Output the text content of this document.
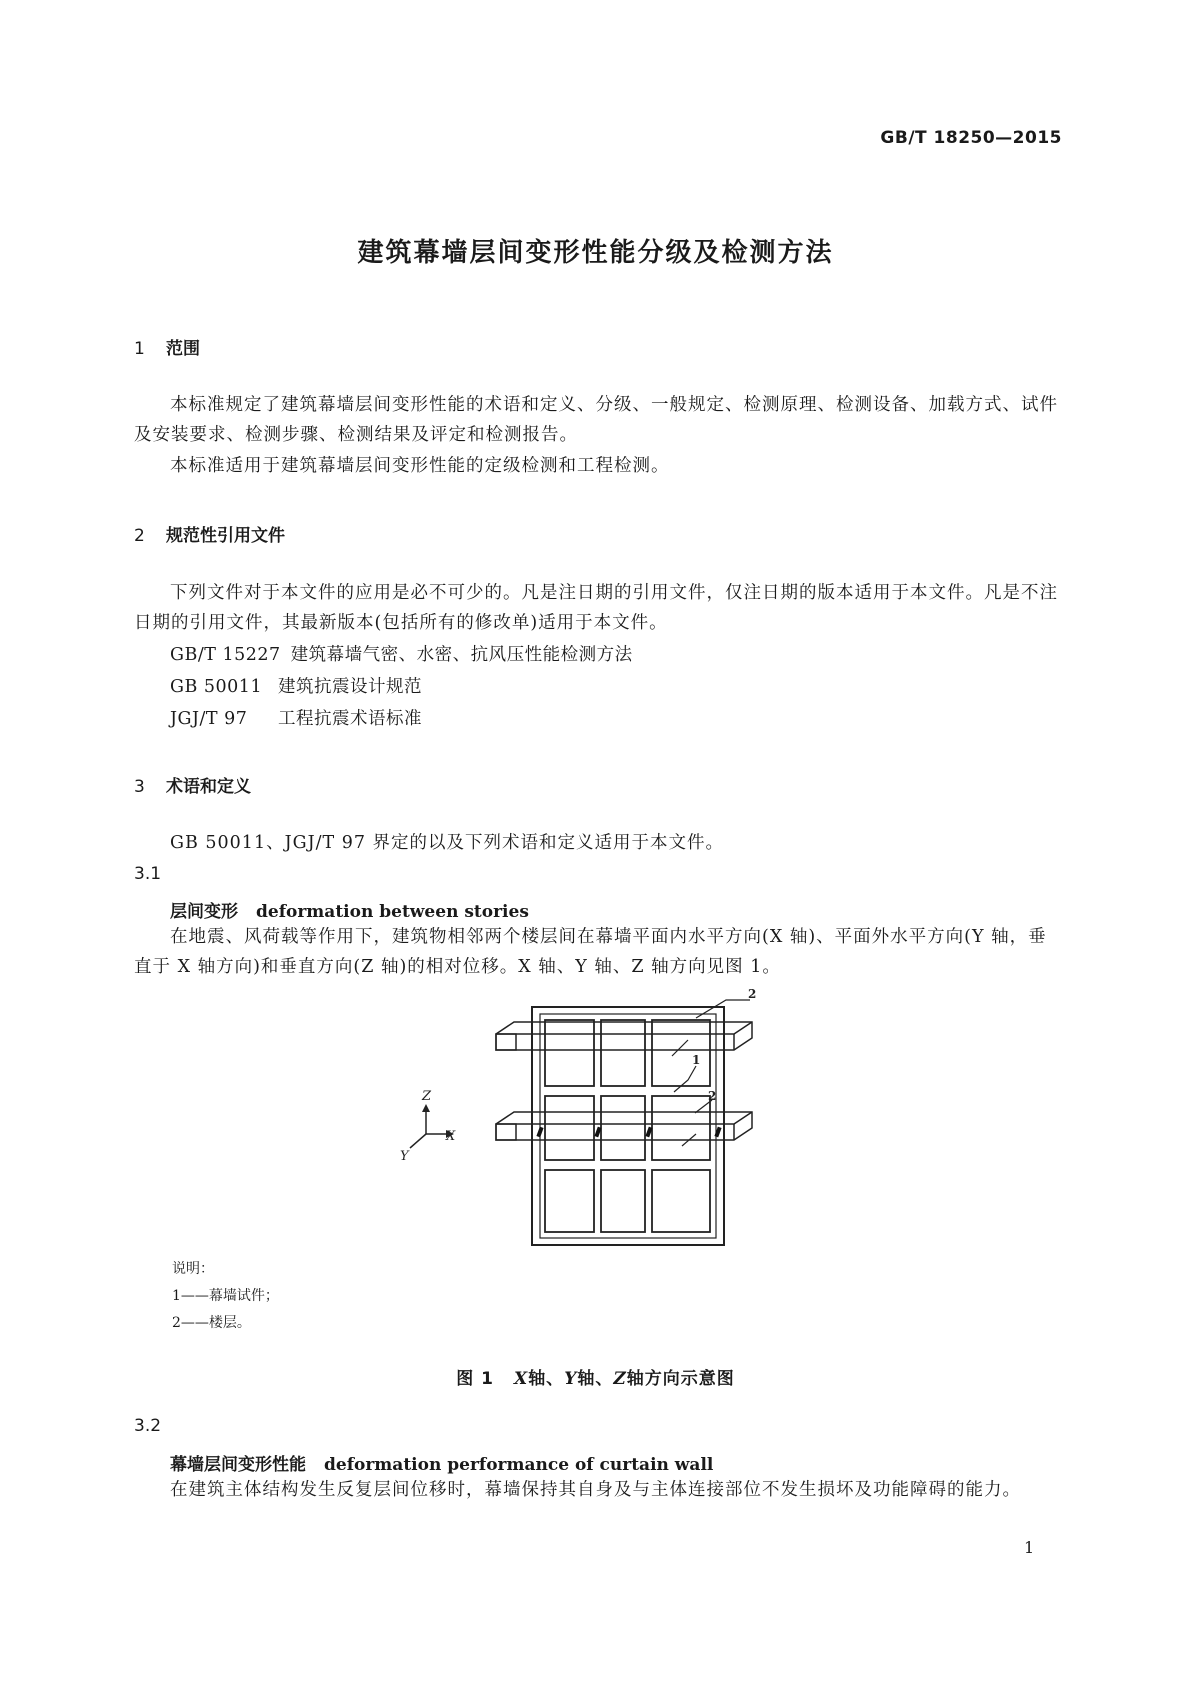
GB/T 18250—2015
建筑幕墙层间变形性能分级及检测方法
1 范围
本标准规定了建筑幕墙层间变形性能的术语和定义、分级、一般规定、检测原理、检测设备、加载方式、试件及安装要求、检测步骤、检测结果及评定和检测报告。
本标准适用于建筑幕墙层间变形性能的定级检测和工程检测。
2 规范性引用文件
下列文件对于本文件的应用是必不可少的。凡是注日期的引用文件，仅注日期的版本适用于本文件。凡是不注日期的引用文件，其最新版本(包括所有的修改单)适用于本文件。
GB/T 15227 建筑幕墙气密、水密、抗风压性能检测方法
GB 50011 建筑抗震设计规范
JGJ/T 97 工程抗震术语标准
3 术语和定义
GB 50011、JGJ/T 97 界定的以及下列术语和定义适用于本文件。
3.1
层间变形 deformation between stories
在地震、风荷载等作用下，建筑物相邻两个楼层间在幕墙平面内水平方向(X 轴)、平面外水平方向(Y 轴，垂直于 X 轴方向)和垂直方向(Z 轴)的相对位移。X 轴、Y 轴、Z 轴方向见图 1。
Z
X
Y
2
1
2
说明：
1——幕墙试件；
2——楼层。
图 1 X轴、Y轴、Z轴方向示意图
3.2
幕墙层间变形性能 deformation performance of curtain wall
在建筑主体结构发生反复层间位移时，幕墙保持其自身及与主体连接部位不发生损坏及功能障碍的能力。
1
